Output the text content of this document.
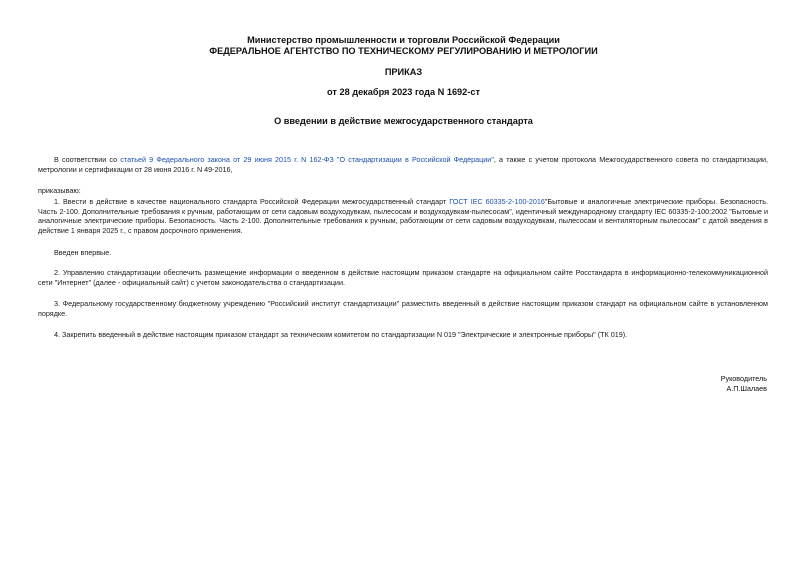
Министерство промышленности и торговли Российской Федерации
ФЕДЕРАЛЬНОЕ АГЕНТСТВО ПО ТЕХНИЧЕСКОМУ РЕГУЛИРОВАНИЮ И МЕТРОЛОГИИ
ПРИКАЗ
от 28 декабря 2023 года N 1692-ст
О введении в действие межгосударственного стандарта
В соответствии со статьей 9 Федерального закона от 29 июня 2015 г. N 162-ФЗ "О стандартизации в Российской Федерации", а также с учетом протокола Межгосударственного совета по стандартизации, метрологии и сертификации от 28 июня 2016 г. N 49-2016,
приказываю:
1. Ввести в действие в качестве национального стандарта Российской Федерации межгосударственный стандарт ГОСТ IEC 60335-2-100-2016"Бытовые и аналогичные электрические приборы. Безопасность. Часть 2-100. Дополнительные требования к ручным, работающим от сети садовым воздуходувкам, пылесосам и воздуходувкам-пылесосам", идентичный международному стандарту IEC 60335-2-100:2002 "Бытовые и аналогичные электрические приборы. Безопасность. Часть 2-100. Дополнительные требования к ручным, работающим от сети садовым воздуходувкам, пылесосам и вентиляторным пылесосам" с датой введения в действие 1 января 2025 г., с правом досрочного применения.
Введен впервые.
2. Управлению стандартизации обеспечить размещение информации о введенном в действие настоящим приказом стандарте на официальном сайте Росстандарта в информационно-телекоммуникационной сети "Интернет" (далее - официальный сайт) с учетом законодательства о стандартизации.
3. Федеральному государственному бюджетному учреждению "Российский институт стандартизации" разместить введенный в действие настоящим приказом стандарт на официальном сайте в установленном порядке.
4. Закрепить введенный в действие настоящим приказом стандарт за техническим комитетом по стандартизации N 019 "Электрические и электронные приборы" (ТК 019).
Руководитель
А.П.Шалаев
